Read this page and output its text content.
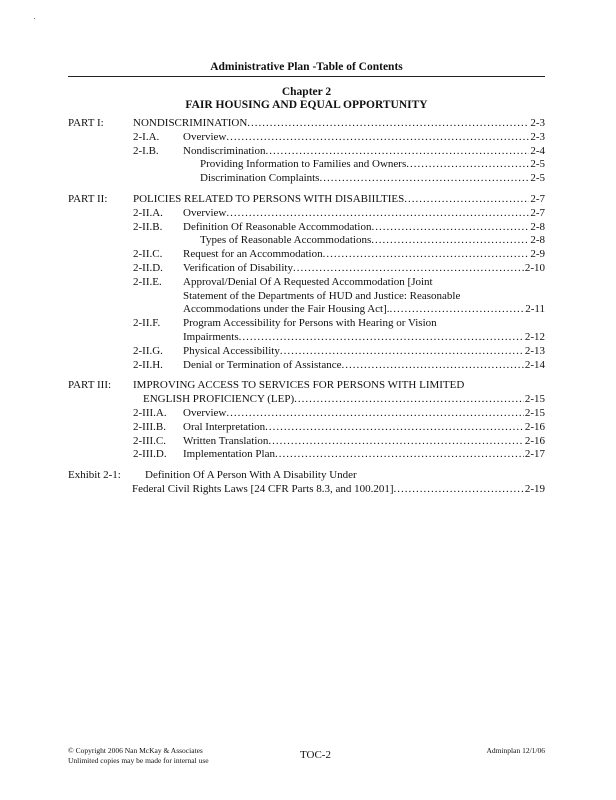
Administrative Plan -Table of Contents
Chapter 2
FAIR HOUSING AND EQUAL OPPORTUNITY
PART I:	NONDISCRIMINATION .....	2-3
2-I.A. Overview .....	2-3
2-I.B. Nondiscrimination .....	2-4
Providing Information to Families and Owners .....	2-5
Discrimination Complaints .....	2-5
PART II: POLICIES RELATED TO PERSONS WITH DISABIILTIES .....	2-7
2-II.A. Overview .....	2-7
2-II.B. Definition Of Reasonable Accommodation .....	2-8
Types of Reasonable Accommodations .....	2-8
2-II.C. Request for an Accommodation .....	2-9
2-II.D. Verification of Disability .....	2-10
2-II.E. Approval/Denial Of A Requested Accommodation [Joint
Statement of the Departments of HUD and Justice: Reasonable
Accommodations under the Fair Housing Act]. .....	2-11
2-II.F. Program Accessibility for Persons with Hearing or Vision
Impairments .....	2-12
2-II.G. Physical Accessibility .....	2-13
2-II.H. Denial or Termination of Assistance .....	2-14
PART III: IMPROVING ACCESS TO SERVICES FOR PERSONS WITH LIMITED
ENGLISH PROFICIENCY (LEP) .....	2-15
2-III.A. Overview .....	2-15
2-III.B. Oral Interpretation .....	2-16
2-III.C. Written Translation .....	2-16
2-III.D. Implementation Plan .....	2-17
Exhibit 2-1: Definition Of A Person With A Disability Under
Federal Civil Rights Laws [24 CFR Parts 8.3, and 100.201] .....	2-19
© Copyright 2006 Nan McKay & Associates
Unlimited copies may be made for internal use	TOC-2	Adminplan 12/1/06
